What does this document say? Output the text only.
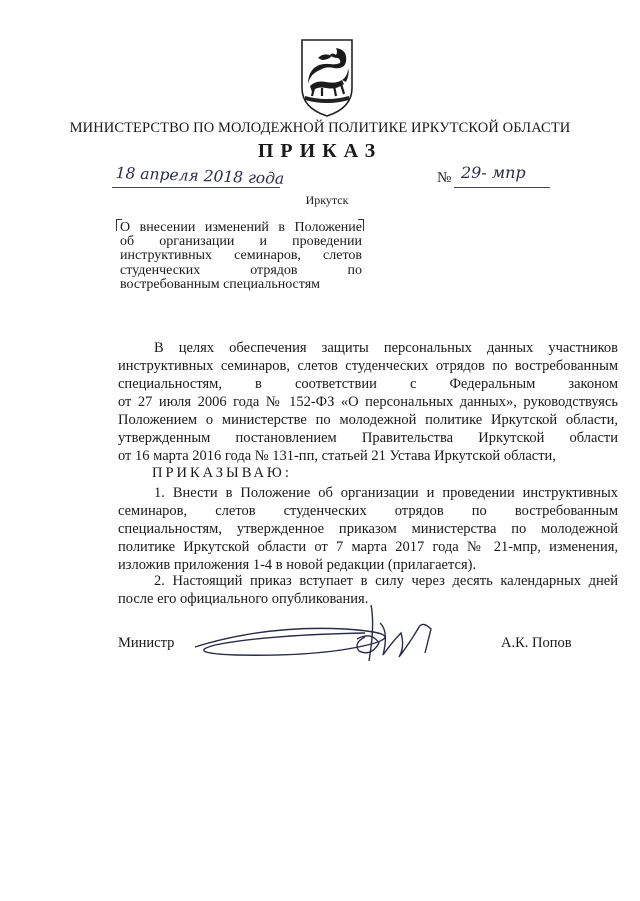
МИНИСТЕРСТВО ПО МОЛОДЕЖНОЙ ПОЛИТИКЕ ИРКУТСКОЙ ОБЛАСТИ
ПРИКАЗ
18 апреля 2018 года	№ 29- мпр
Иркутск
О внесении изменений в Положение
об организации и проведении
инструктивных семинаров, слетов
студенческих отрядов по
востребованным специальностям
В целях обеспечения защиты персональных данных участников
инструктивных семинаров, слетов студенческих отрядов по востребованным
специальностям, в соответствии с Федеральным законом
от 27 июля 2006 года № 152-ФЗ «О персональных данных», руководствуясь
Положением о министерстве по молодежной политике Иркутской области,
утвержденным постановлением Правительства Иркутской области
от 16 марта 2016 года № 131-пп, статьей 21 Устава Иркутской области,
ПРИКАЗЫВАЮ:
1. Внести в Положение об организации и проведении инструктивных
семинаров, слетов студенческих отрядов по востребованным
специальностям, утвержденное приказом министерства по молодежной
политике Иркутской области от 7 марта 2017 года № 21-мпр, изменения,
изложив приложения 1-4 в новой редакции (прилагается).
2. Настоящий приказ вступает в силу через десять календарных дней
после его официального опубликования.
Министр	А.К. Попов
